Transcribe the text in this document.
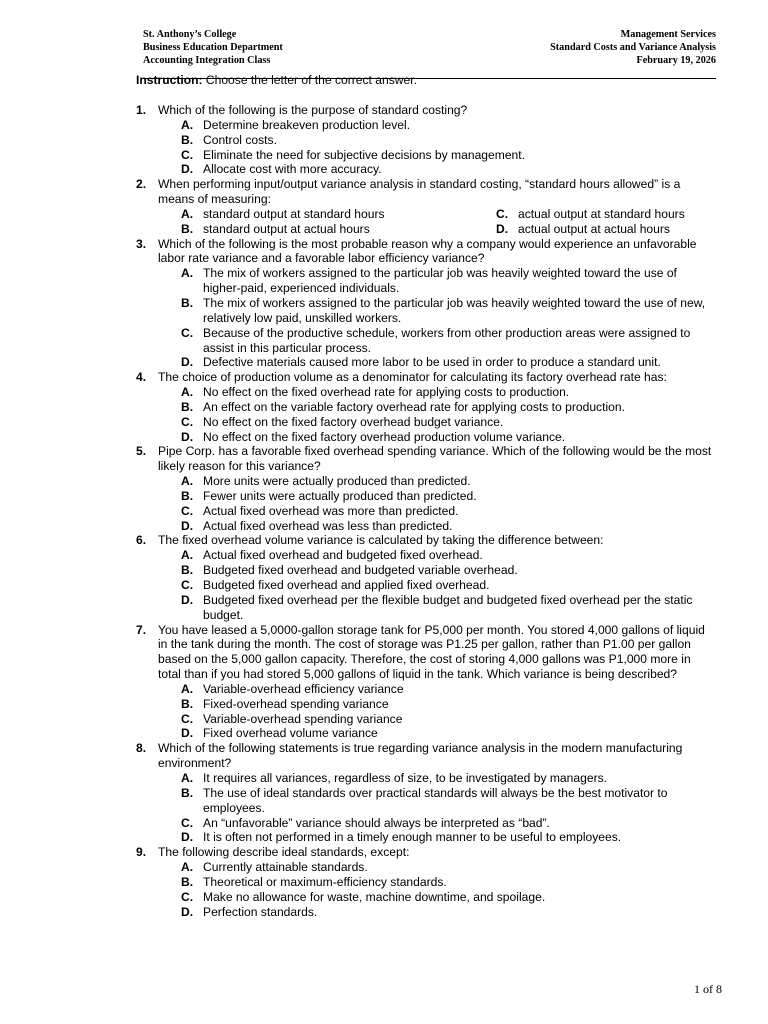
St. Anthony’s College
Business Education Department
Accounting Integration Class
Management Services
Standard Costs and Variance Analysis
February 19, 2026
Instruction: Choose the letter of the correct answer.
1. Which of the following is the purpose of standard costing?
A. Determine breakeven production level.
B. Control costs.
C. Eliminate the need for subjective decisions by management.
D. Allocate cost with more accuracy.
2. When performing input/output variance analysis in standard costing, “standard hours allowed” is a means of measuring:
A. standard output at standard hours	C. actual output at standard hours
B. standard output at actual hours	D. actual output at actual hours
3. Which of the following is the most probable reason why a company would experience an unfavorable labor rate variance and a favorable labor efficiency variance?
A. The mix of workers assigned to the particular job was heavily weighted toward the use of higher-paid, experienced individuals.
B. The mix of workers assigned to the particular job was heavily weighted toward the use of new, relatively low paid, unskilled workers.
C. Because of the productive schedule, workers from other production areas were assigned to assist in this particular process.
D. Defective materials caused more labor to be used in order to produce a standard unit.
4. The choice of production volume as a denominator for calculating its factory overhead rate has:
A. No effect on the fixed overhead rate for applying costs to production.
B. An effect on the variable factory overhead rate for applying costs to production.
C. No effect on the fixed factory overhead budget variance.
D. No effect on the fixed factory overhead production volume variance.
5. Pipe Corp. has a favorable fixed overhead spending variance. Which of the following would be the most likely reason for this variance?
A. More units were actually produced than predicted.
B. Fewer units were actually produced than predicted.
C. Actual fixed overhead was more than predicted.
D. Actual fixed overhead was less than predicted.
6. The fixed overhead volume variance is calculated by taking the difference between:
A. Actual fixed overhead and budgeted fixed overhead.
B. Budgeted fixed overhead and budgeted variable overhead.
C. Budgeted fixed overhead and applied fixed overhead.
D. Budgeted fixed overhead per the flexible budget and budgeted fixed overhead per the static budget.
7. You have leased a 5,0000-gallon storage tank for P5,000 per month. You stored 4,000 gallons of liquid in the tank during the month. The cost of storage was P1.25 per gallon, rather than P1.00 per gallon based on the 5,000 gallon capacity. Therefore, the cost of storing 4,000 gallons was P1,000 more in total than if you had stored 5,000 gallons of liquid in the tank. Which variance is being described?
A. Variable-overhead efficiency variance
B. Fixed-overhead spending variance
C. Variable-overhead spending variance
D. Fixed overhead volume variance
8. Which of the following statements is true regarding variance analysis in the modern manufacturing environment?
A. It requires all variances, regardless of size, to be investigated by managers.
B. The use of ideal standards over practical standards will always be the best motivator to employees.
C. An “unfavorable” variance should always be interpreted as “bad”.
D. It is often not performed in a timely enough manner to be useful to employees.
9. The following describe ideal standards, except:
A. Currently attainable standards.
B. Theoretical or maximum-efficiency standards.
C. Make no allowance for waste, machine downtime, and spoilage.
D. Perfection standards.
1 of 8
